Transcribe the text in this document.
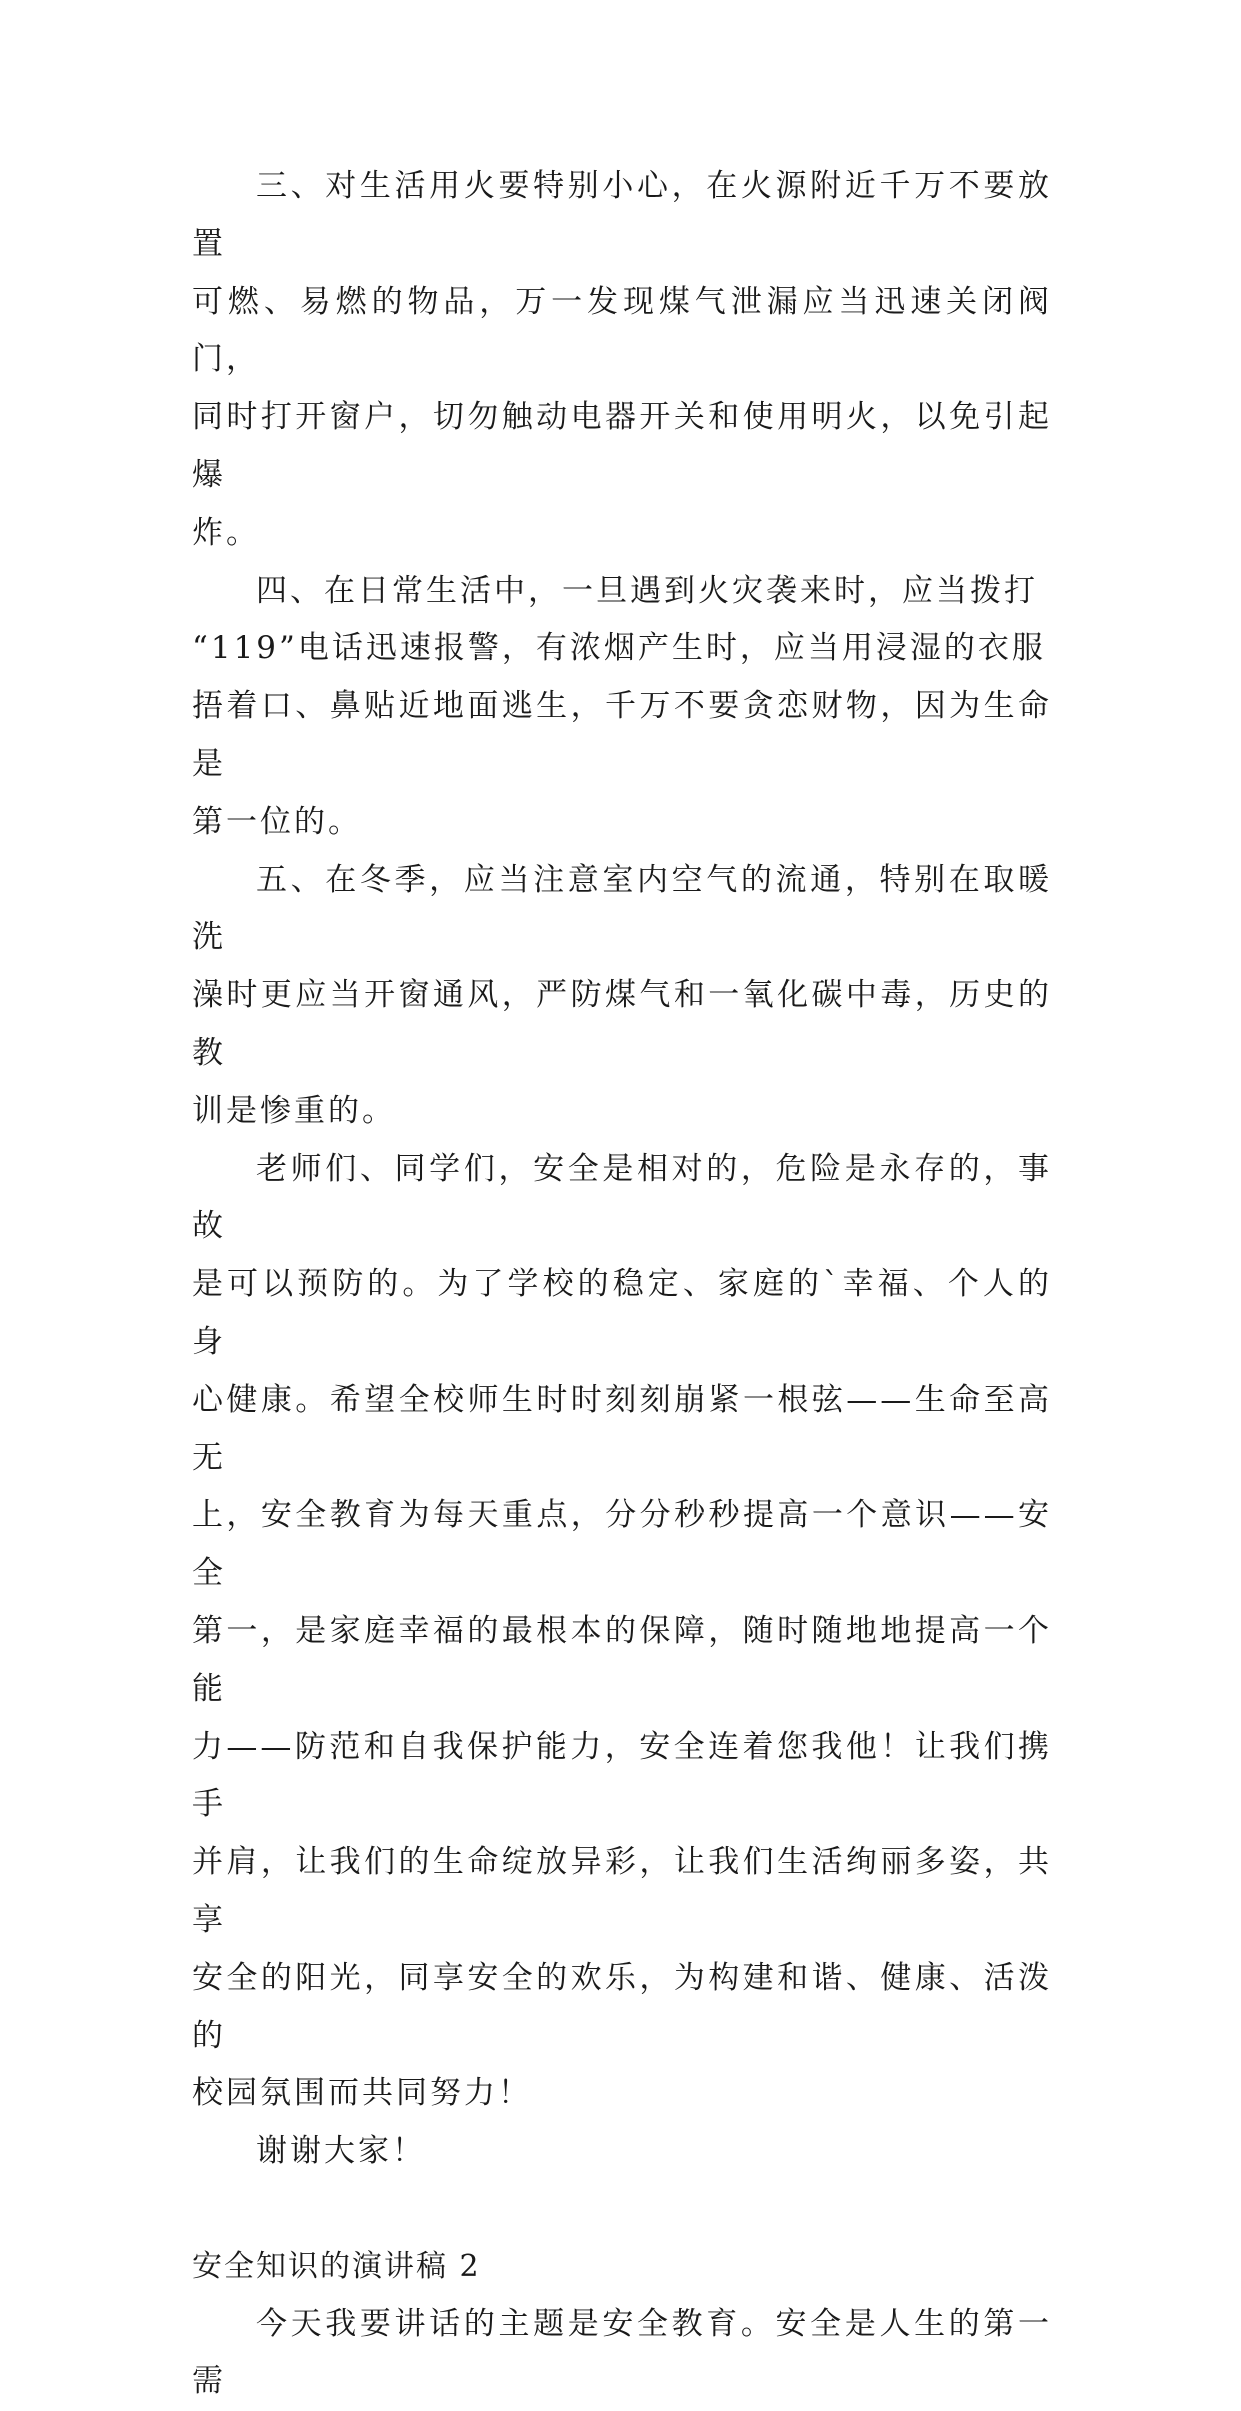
三、对生活用火要特别小心，在火源附近千万不要放置
可燃、易燃的物品，万一发现煤气泄漏应当迅速关闭阀门，
同时打开窗户，切勿触动电器开关和使用明火，以免引起爆
炸。

四、在日常生活中，一旦遇到火灾袭来时，应当拨打
“119”电话迅速报警，有浓烟产生时，应当用浸湿的衣服
捂着口、鼻贴近地面逃生，千万不要贪恋财物，因为生命是
第一位的。

五、在冬季，应当注意室内空气的流通，特别在取暖洗
澡时更应当开窗通风，严防煤气和一氧化碳中毒，历史的教
训是惨重的。

老师们、同学们，安全是相对的，危险是永存的，事故
是可以预防的。为了学校的稳定、家庭的`幸福、个人的身
心健康。希望全校师生时时刻刻崩紧一根弦——生命至高无
上，安全教育为每天重点，分分秒秒提高一个意识——安全
第一，是家庭幸福的最根本的保障，随时随地地提高一个能
力——防范和自我保护能力，安全连着您我他！让我们携手
并肩，让我们的生命绽放异彩，让我们生活绚丽多姿，共享
安全的阳光，同享安全的欢乐，为构建和谐、健康、活泼的
校园氛围而共同努力！

谢谢大家！

安全知识的演讲稿 2

今天我要讲话的主题是安全教育。安全是人生的第一需
